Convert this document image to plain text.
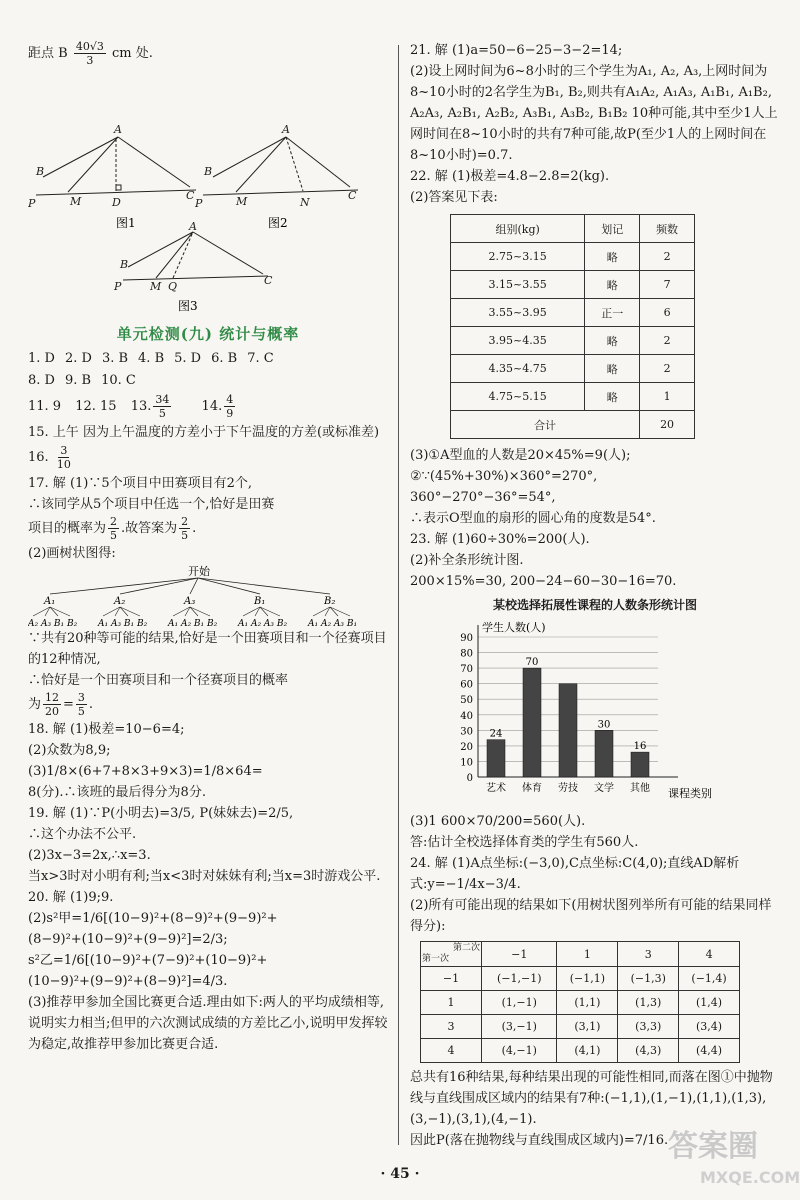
距点 B $\frac{40√3}{3}$ cm 处.

A
B
P	M	D
C
图1
A
B
P	M	N
C
图2
A
B
P	M Q	C
图3
单元检测(九) 统计与概率
1. D 2. D 3. B 4. B 5. D 6. B 7. C
8. D 9. B 10. C
11. 9 12. 15 13. $\frac{34}{5} 14$. $\frac{4}{9}$

15. 上午 因为上午温度的方差小于下午温度的方差(或标准差)

16. $\frac{3}{10}$

17. 解 (1)∵5个项目中田赛项目有2个,

∴该同学从5个项目中任选一个,恰好是田赛

项目的概率为 $\frac{2}{5}$ .故答案为 $\frac{2}{5}$ .

(2)画树状图得:

开始
A₁	A₂	A₃	B₁	B₂
A₂ A₃ B₁ B₂ A₁ A₃ B₁ B₂ A₁ A₂ B₁ B₂ A₁ A₂ A₃ B₂ A₁ A₂ A₃ B₁

∵共有20种等可能的结果,恰好是一个田赛项目和一个径赛项目的12种情况,

∴恰好是一个田赛项目和一个径赛项目的概率

为 $\frac{12}{20} = \frac{3}{5}$ .

18. 解 (1)极差=10−6=4;

(2)众数为8,9;

(3)1/8×(6+7+8×3+9×3)=1/8×64=

8(分).∴该班的最后得分为8分.

19. 解 (1)∵P(小明去)=3/5, P(妹妹去)=2/5,

∴这个办法不公平.

(2)3x−3=2x,∴x=3.

当x>3时对小明有利;当x<3时对妹妹有利;当x=3时游戏公平.

20. 解 (1)9;9.

(2)s²甲=1/6[(10−9)²+(8−9)²+(9−9)²+

(8−9)²+(10−9)²+(9−9)²]=2/3;

s²乙=1/6[(10−9)²+(7−9)²+(10−9)²+

(10−9)²+(9−9)²+(8−9)²]=4/3.

(3)推荐甲参加全国比赛更合适.理由如下:两人的平均成绩相等,说明实力相当;但甲的六次测试成绩的方差比乙小,说明甲发挥较为稳定,故推荐甲参加比赛更合适.

21. 解 (1)a=50−6−25−3−2=14;

(2)设上网时间为6~8小时的三个学生为A₁, A₂, A₃,上网时间为8~10小时的2名学生为B₁, B₂,则共有A₁A₂, A₁A₃, A₁B₁, A₁B₂, A₂A₃, A₂B₁, A₂B₂, A₃B₁, A₃B₂, B₁B₂ 10种可能,其中至少1人上网时间在8~10小时的共有7种可能,故P(至少1人的上网时间在8~10小时)=0.7.

22. 解 (1)极差=4.8−2.8=2(kg).

(2)答案见下表:

组别(kg)	划记	频数
2.75~3.15	略	2
3.15~3.55	略	7
3.55~3.95	正一	6
3.95~4.35	略	2
4.35~4.75	略	2
4.75~5.15	略	1
合计		20

(3)①A型血的人数是20×45%=9(人);

②∵(45%+30%)×360°=270°,

360°−270°−36°=54°,

∴表示O型血的扇形的圆心角的度数是54°.

23. 解 (1)60÷30%=200(人).

(2)补全条形统计图.

200×15%=30, 200−24−60−30−16=70.

某校选择拓展性课程的人数条形统计图
学生人数(人)
0
10
20
30
40
50
60
70
80
90
24
艺术
70
体育 劳技
30
文学
16
其他 课程类别

(3)1 600×70/200=560(人).

答:估计全校选择体育类的学生有560人.

24. 解 (1)A点坐标:(−3,0),C点坐标:C(4,0);直线AD解析式:y=−1/4x−3/4.

(2)所有可能出现的结果如下(用树状图列举所有可能的结果同样得分):

第二次
第一次	−1	1	3	4
−1	(−1,−1)	(−1,1)	(−1,3)	(−1,4)
1	(1,−1)	(1,1)	(1,3)	(1,4)
3	(3,−1)	(3,1)	(3,3)	(3,4)
4	(4,−1)	(4,1)	(4,3)	(4,4)

总共有16种结果,每种结果出现的可能性相同,而落在图①中抛物线与直线围成区域内的结果有7种:(−1,1),(1,−1),(1,1),(1,3),(3,−1),(3,1),(4,−1).

因此P(落在抛物线与直线围成区域内)=7/16.

· 45 ·
答案圈
MXQE.COM
